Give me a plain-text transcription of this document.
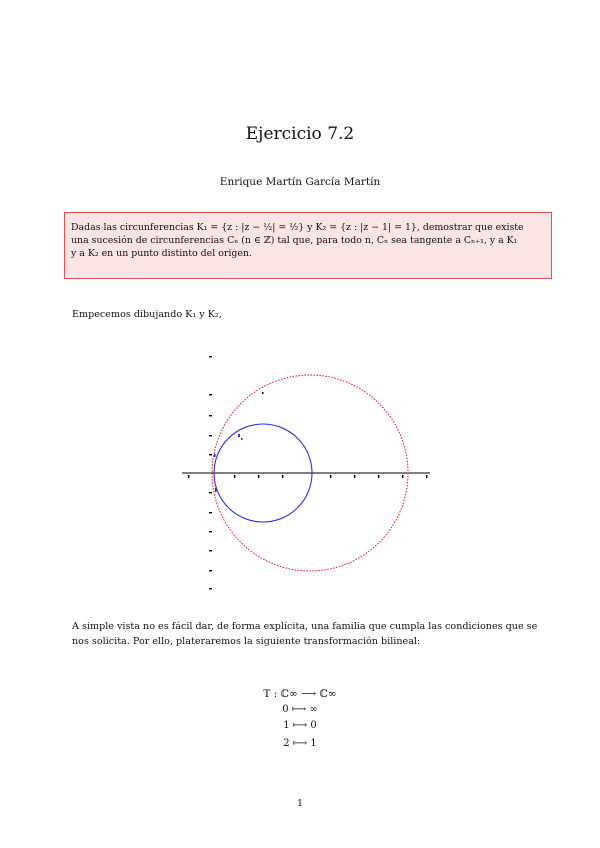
Ejercicio 7.2
Enrique Martín García Martín
Dadas las circunferencias K₁ = {z : |z − ½| = ½} y K₂ = {z : |z − 1| = 1}, demostrar que existe
una sucesión de circunferencias Cₙ (n ∈ ℤ) tal que, para todo n, Cₙ sea tangente a Cₙ₊₁, y a K₁
y a K₂ en un punto distinto del origen.
Empecemos dibujando K₁ y K₂,
A simple vista no es fácil dar, de forma explícita, una familia que cumpla las condiciones que se nos solicita. Por ello, plateraremos la siguiente transformación bilineal:
T : ℂ∞ ⟶ ℂ∞
0 ⟼ ∞
1 ⟼ 0
2 ⟼ 1
1
